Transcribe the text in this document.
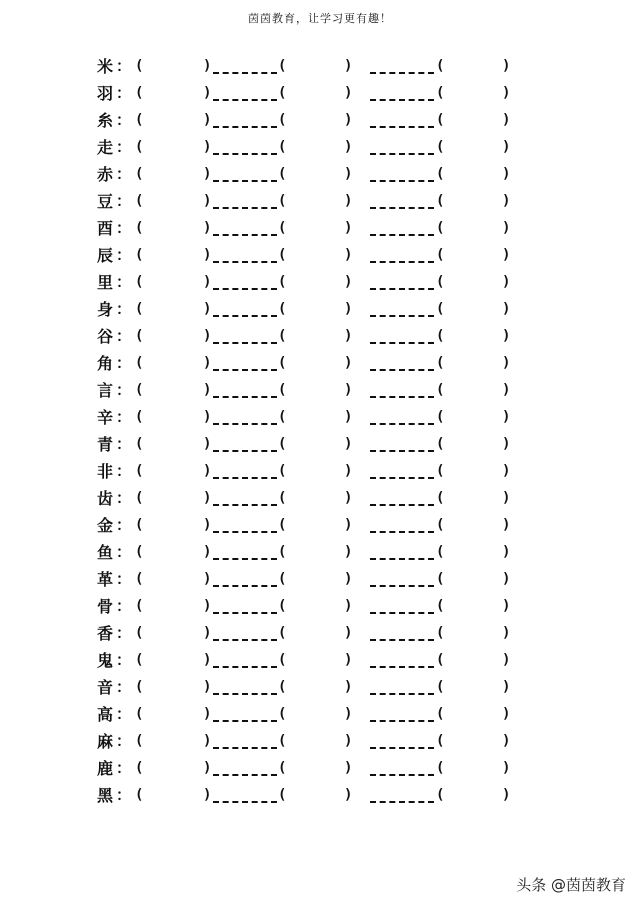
茵茵教育，让学习更有趣！
米 ： (	)	(	)	(	)
羽 ： (	)	(	)	(	)
糸 ： (	)	(	)	(	)
走 ： (	)	(	)	(	)
赤 ： (	)	(	)	(	)
豆 ： (	)	(	)	(	)
酉 ： (	)	(	)	(	)
辰 ： (	)	(	)	(	)
里 ： (	)	(	)	(	)
身 ： (	)	(	)	(	)
谷 ： (	)	(	)	(	)
角 ： (	)	(	)	(	)
言 ： (	)	(	)	(	)
辛 ： (	)	(	)	(	)
青 ： (	)	(	)	(	)
非 ： (	)	(	)	(	)
齿 ： (	)	(	)	(	)
金 ： (	)	(	)	(	)
鱼 ： (	)	(	)	(	)
革 ： (	)	(	)	(	)
骨 ： (	)	(	)	(	)
香 ： (	)	(	)	(	)
鬼 ： (	)	(	)	(	)
音 ： (	)	(	)	(	)
高 ： (	)	(	)	(	)
麻 ： (	)	(	)	(	)
鹿 ： (	)	(	)	(	)
黑 ： (	)	(	)	(	)
头条 @茵茵教育
